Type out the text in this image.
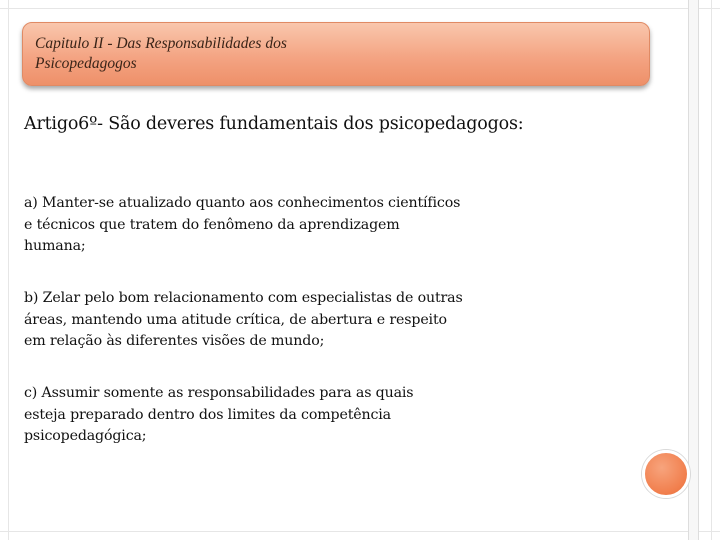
Capitulo II - Das Responsabilidades dos
Psicopedagogos

Artigo6º- São deveres fundamentais dos psicopedagogos:

a) Manter-se atualizado quanto aos conhecimentos científicos
e técnicos que tratem do fenômeno da aprendizagem
humana;

b) Zelar pelo bom relacionamento com especialistas de outras
áreas, mantendo uma atitude crítica, de abertura e respeito
em relação às diferentes visões de mundo;

c) Assumir somente as responsabilidades para as quais
esteja preparado dentro dos limites da competência
psicopedagógica;
